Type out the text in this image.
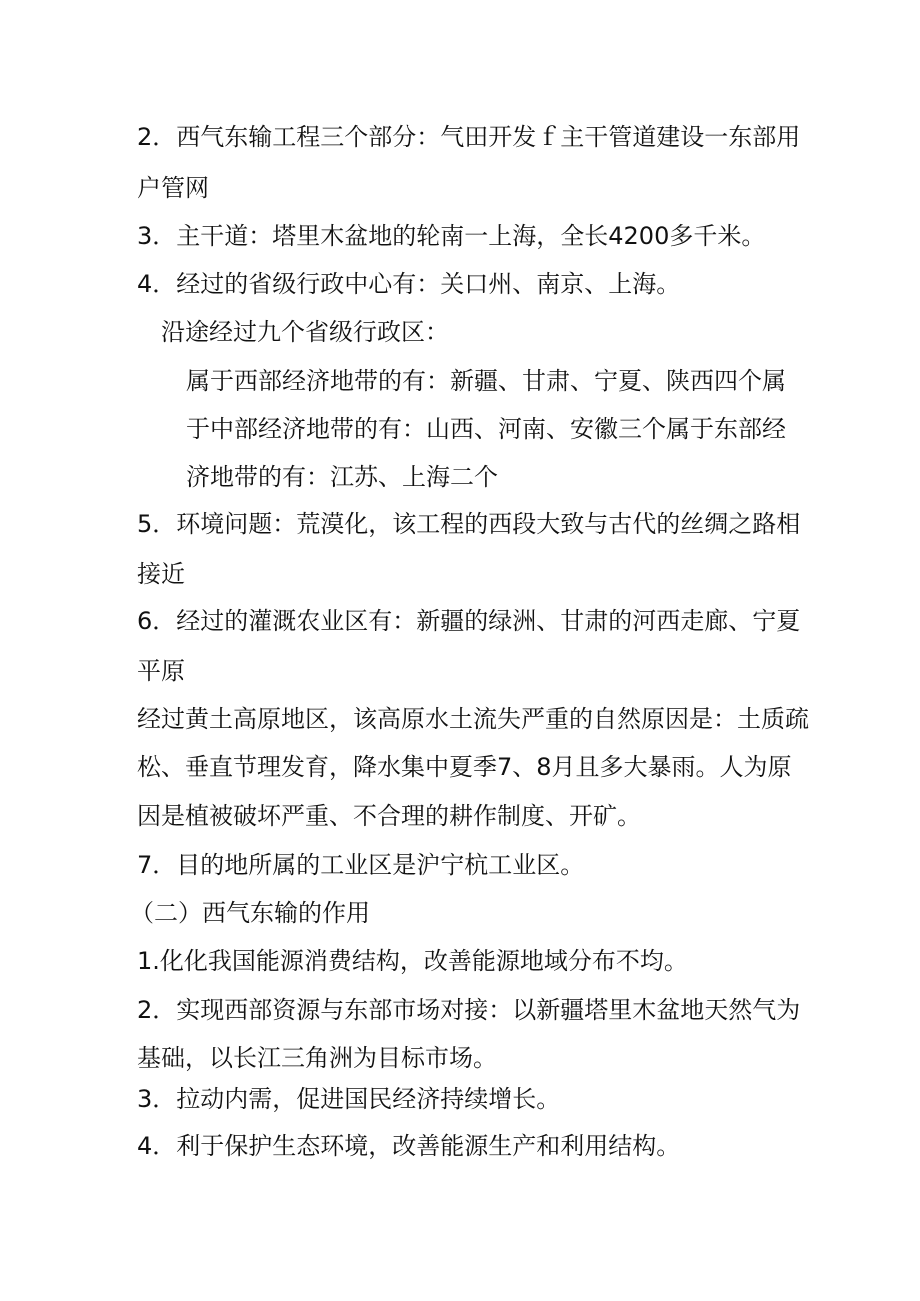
2．西气东输工程三个部分：气田开发ｆ主干管道建设一东部用

户管网

3．主干道：塔里木盆地的轮南一上海，全长4200多千米。

4．经过的省级行政中心有：关口州、南京、上海。

沿途经过九个省级行政区：

属于西部经济地带的有：新疆、甘肃、宁夏、陕西四个属

于中部经济地带的有：山西、河南、安徽三个属于东部经

济地带的有：江苏、上海二个

5．环境问题：荒漠化，该工程的西段大致与古代的丝绸之路相

接近

6．经过的灌溉农业区有：新疆的绿洲、甘肃的河西走廊、宁夏

平原

经过黄土高原地区，该高原水土流失严重的自然原因是：土质疏

松、垂直节理发育，降水集中夏季7、8月且多大暴雨。人为原

因是植被破坏严重、不合理的耕作制度、开矿。

7．目的地所属的工业区是沪宁杭工业区。

（二）西气东输的作用

1.化化我国能源消费结构，改善能源地域分布不均。

2．实现西部资源与东部市场对接：以新疆塔里木盆地天然气为

基础，以长江三角洲为目标市场。

3．拉动内需，促进国民经济持续增长。

4．利于保护生态环境，改善能源生产和利用结构。
